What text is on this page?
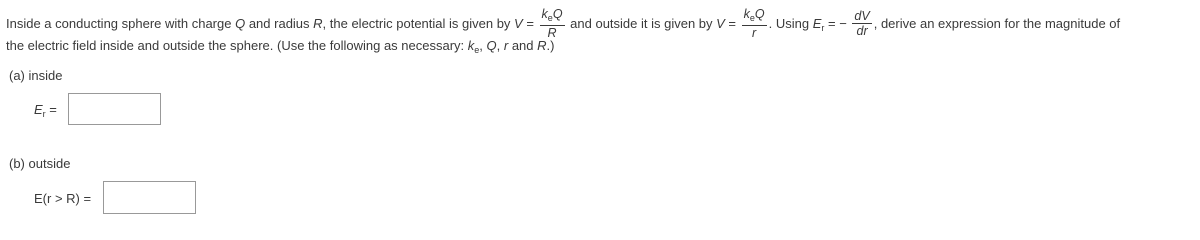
Inside a conducting sphere with charge Q and radius R, the electric potential is given by $V = \frac{k_eQ}{R}$ and outside it is given by $V = \frac{k_eQ}{r}$ . Using $E_r$ = − $\frac{dV}{dr}$ , derive an expression for the magnitude of
the electric field inside and outside the sphere. (Use the following as necessary: $k_e$, Q, r and R.)
(a) inside
$E_r$ =
(b) outside
E(r > R) =
